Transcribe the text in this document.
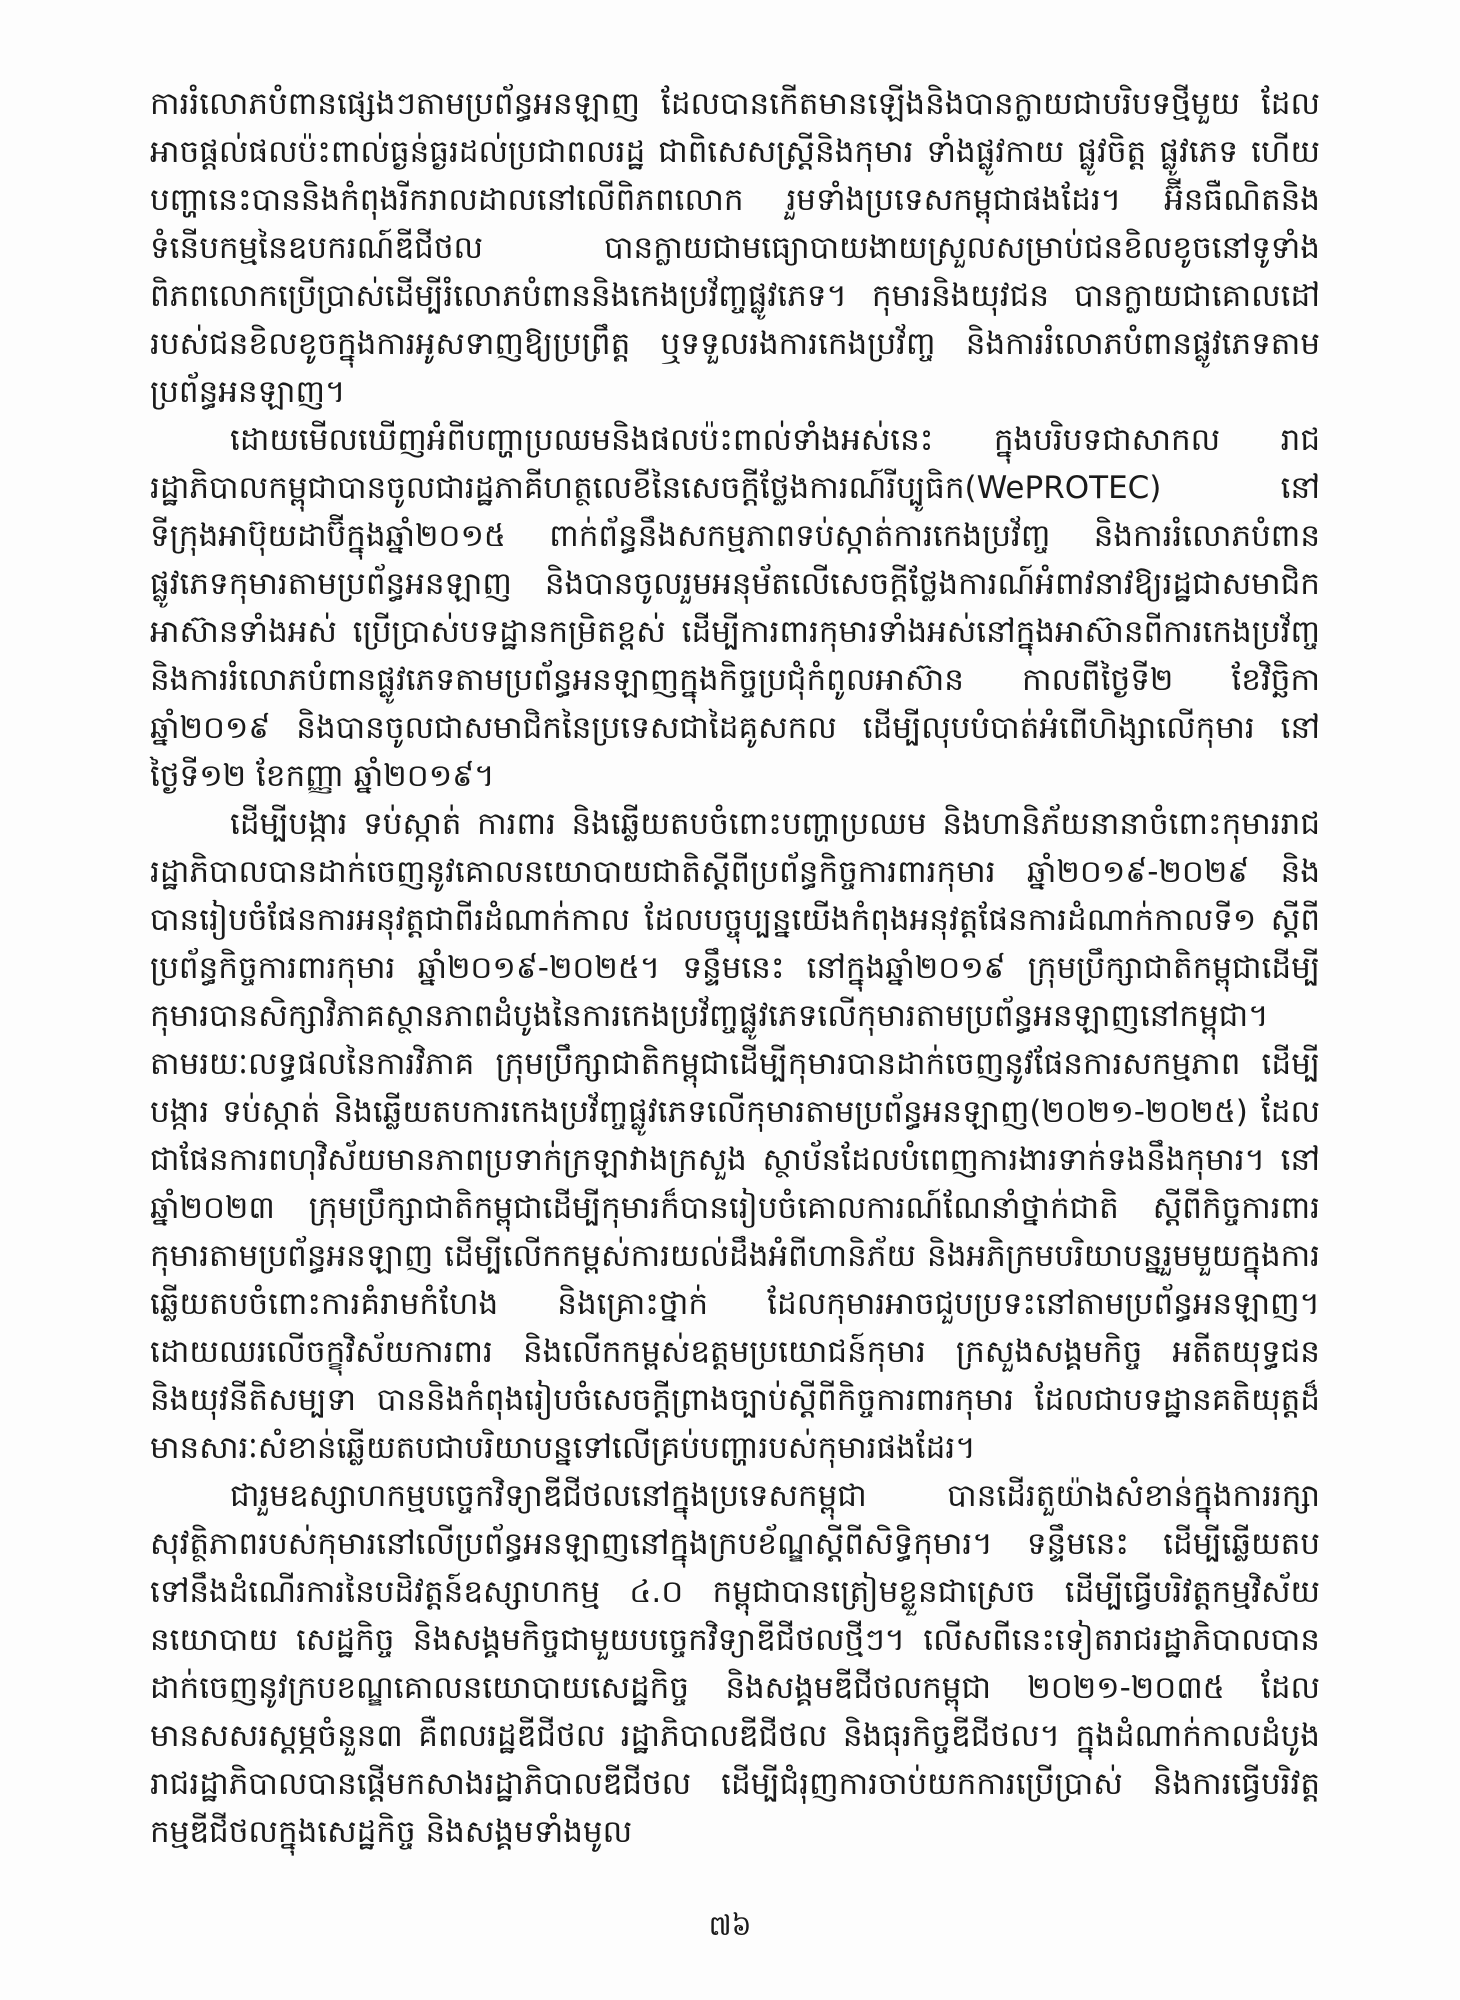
ការរំលោភបំពានផ្សេងៗតាមប្រព័ន្ធអនឡាញ ដែលបានកើតមានឡើងនិងបានក្លាយជាបរិបទថ្មីមួយ ដែលអាចផ្តល់ផលប៉ះពាល់ធ្ងន់ធ្ងរដល់ប្រជាពលរដ្ឋ ជាពិសេសស្ត្រីនិងកុមារ ទាំងផ្លូវកាយ ផ្លូវចិត្ត ផ្លូវភេទ ហើយបញ្ហានេះបាននិងកំពុងរីករាលដាលនៅលើពិភពលោក រួមទាំងប្រទេសកម្ពុជាផងដែរ។ អ៊ីនធឺណិតនិងទំនើបកម្មនៃឧបករណ៍ឌីជីថល បានក្លាយជាមធ្យោបាយងាយស្រួលសម្រាប់ជនខិលខូចនៅទូទាំងពិភពលោកប្រើប្រាស់ដើម្បីរំលោភបំពាននិងកេងប្រវ័ញ្ចផ្លូវភេទ។ កុមារនិងយុវជន បានក្លាយជាគោលដៅរបស់ជនខិលខូចក្នុងការអូសទាញឱ្យប្រព្រឹត្ត ឬទទួលរងការកេងប្រវ័ញ្ច និងការរំលោភបំពានផ្លូវភេទតាមប្រព័ន្ធអនឡាញ។

ដោយមើលឃើញអំពីបញ្ហាប្រឈមនិងផលប៉ះពាល់ទាំងអស់នេះ ក្នុងបរិបទជាសាកល រាជរដ្ឋាភិបាលកម្ពុជាបានចូលជារដ្ឋភាគីហត្ថលេខីនៃសេចក្តីថ្លែងការណ៍រីប្បូធិក(WePROTEC) នៅទីក្រុងអាប៊ុយដាប៊ីក្នុងឆ្នាំ២០១៥ ពាក់ព័ន្ធនឹងសកម្មភាពទប់ស្កាត់ការកេងប្រវ័ញ្ច និងការរំលោភបំពានផ្លូវភេទកុមារតាមប្រព័ន្ធអនឡាញ និងបានចូលរួមអនុម័តលើសេចក្តីថ្លែងការណ៍អំពាវនាវឱ្យរដ្ឋជាសមាជិកអាស៊ានទាំងអស់ ប្រើប្រាស់បទដ្ឋានកម្រិតខ្ពស់ ដើម្បីការពារកុមារទាំងអស់នៅក្នុងអាស៊ានពីការកេងប្រវ័ញ្ច និងការរំលោភបំពានផ្លូវភេទតាមប្រព័ន្ធអនឡាញក្នុងកិច្ចប្រជុំកំពូលអាស៊ាន កាលពីថ្ងៃទី២ ខែវិច្ឆិកា ឆ្នាំ២០១៩ និងបានចូលជាសមាជិកនៃប្រទេសជាដៃគូសកល ដើម្បីលុបបំបាត់អំពើហិង្សាលើកុមារ នៅថ្ងៃទី១២ ខែកញ្ញា ឆ្នាំ២០១៩។

ដើម្បីបង្ការ ទប់ស្កាត់ ការពារ និងឆ្លើយតបចំពោះបញ្ហាប្រឈម និងហានិភ័យនានាចំពោះកុមាររាជរដ្ឋាភិបាលបានដាក់ចេញនូវគោលនយោបាយជាតិស្តីពីប្រព័ន្ធកិច្ចការពារកុមារ ឆ្នាំ២០១៩-២០២៩ និងបានរៀបចំផែនការអនុវត្តជាពីរដំណាក់កាល ដែលបច្ចុប្បន្នយើងកំពុងអនុវត្តផែនការដំណាក់កាលទី១ ស្តីពីប្រព័ន្ធកិច្ចការពារកុមារ ឆ្នាំ២០១៩-២០២៥។ ទន្ទឹមនេះ នៅក្នុងឆ្នាំ២០១៩ ក្រុមប្រឹក្សាជាតិកម្ពុជាដើម្បីកុមារបានសិក្សាវិភាគស្ថានភាពដំបូងនៃការកេងប្រវ័ញ្ចផ្លូវភេទលើកុមារតាមប្រព័ន្ធអនឡាញនៅកម្ពុជា។ តាមរយៈលទ្ធផលនៃការវិភាគ ក្រុមប្រឹក្សាជាតិកម្ពុជាដើម្បីកុមារបានដាក់ចេញនូវផែនការសកម្មភាព ដើម្បីបង្ការ ទប់ស្កាត់ និងឆ្លើយតបការកេងប្រវ័ញ្ចផ្លូវភេទលើកុមារតាមប្រព័ន្ធអនឡាញ(២០២១-២០២៥) ដែលជាផែនការពហុវិស័យមានភាពប្រទាក់ក្រឡាវាងក្រសួង ស្ថាប័នដែលបំពេញការងារទាក់ទងនឹងកុមារ។ នៅឆ្នាំ២០២៣ ក្រុមប្រឹក្សាជាតិកម្ពុជាដើម្បីកុមារក៏បានរៀបចំគោលការណ៍ណែនាំថ្នាក់ជាតិ ស្តីពីកិច្ចការពារកុមារតាមប្រព័ន្ធអនឡាញ ដើម្បីលើកកម្ពស់ការយល់ដឹងអំពីហានិភ័យ និងអភិក្រមបរិយាបន្នរួមមួយក្នុងការឆ្លើយតបចំពោះការគំរាមកំហែង និងគ្រោះថ្នាក់ ដែលកុមារអាចជួបប្រទះនៅតាមប្រព័ន្ធអនឡាញ។ ដោយឈរលើចក្ខុវិស័យការពារ និងលើកកម្ពស់ឧត្តមប្រយោជន៍កុមារ ក្រសួងសង្គមកិច្ច អតីតយុទ្ធជន និងយុវនីតិសម្បទា បាននិងកំពុងរៀបចំសេចក្តីព្រាងច្បាប់ស្តីពីកិច្ចការពារកុមារ ដែលជាបទដ្ឋានគតិយុត្តដ៏មានសារៈសំខាន់ឆ្លើយតបជាបរិយាបន្នទៅលើគ្រប់បញ្ហារបស់កុមារផងដែរ។

ជារួមឧស្សាហកម្មបច្ចេកវិទ្យាឌីជីថលនៅក្នុងប្រទេសកម្ពុជា បានដើរតួយ៉ាងសំខាន់ក្នុងការរក្សាសុវត្ថិភាពរបស់កុមារនៅលើប្រព័ន្ធអនឡាញនៅក្នុងក្របខ័ណ្ឌស្តីពីសិទ្ធិកុមារ។ ទន្ទឹមនេះ ដើម្បីឆ្លើយតបទៅនឹងដំណើរការនៃបដិវត្តន៍ឧស្សាហកម្ម ៤.០ កម្ពុជាបានត្រៀមខ្លួនជាស្រេច ដើម្បីធ្វើបរិវត្តកម្មវិស័យនយោបាយ សេដ្ឋកិច្ច និងសង្គមកិច្ចជាមួយបច្ចេកវិទ្យាឌីជីថលថ្មីៗ។ លើសពីនេះទៀតរាជរដ្ឋាភិបាលបានដាក់ចេញនូវក្របខណ្ឌគោលនយោបាយសេដ្ឋកិច្ច និងសង្គមឌីជីថលកម្ពុជា ២០២១-២០៣៥ ដែលមានសសរស្តម្ភចំនួន៣ គឺពលរដ្ឋឌីជីថល រដ្ឋាភិបាលឌីជីថល និងធុរកិច្ចឌីជីថល។ ក្នុងដំណាក់កាលដំបូង រាជរដ្ឋាភិបាលបានផ្តើមកសាងរដ្ឋាភិបាលឌីជីថល ដើម្បីជំរុញការចាប់យកការប្រើប្រាស់ និងការធ្វើបរិវត្តកម្មឌីជីថលក្នុងសេដ្ឋកិច្ច និងសង្គមទាំងមូល

៧៦
